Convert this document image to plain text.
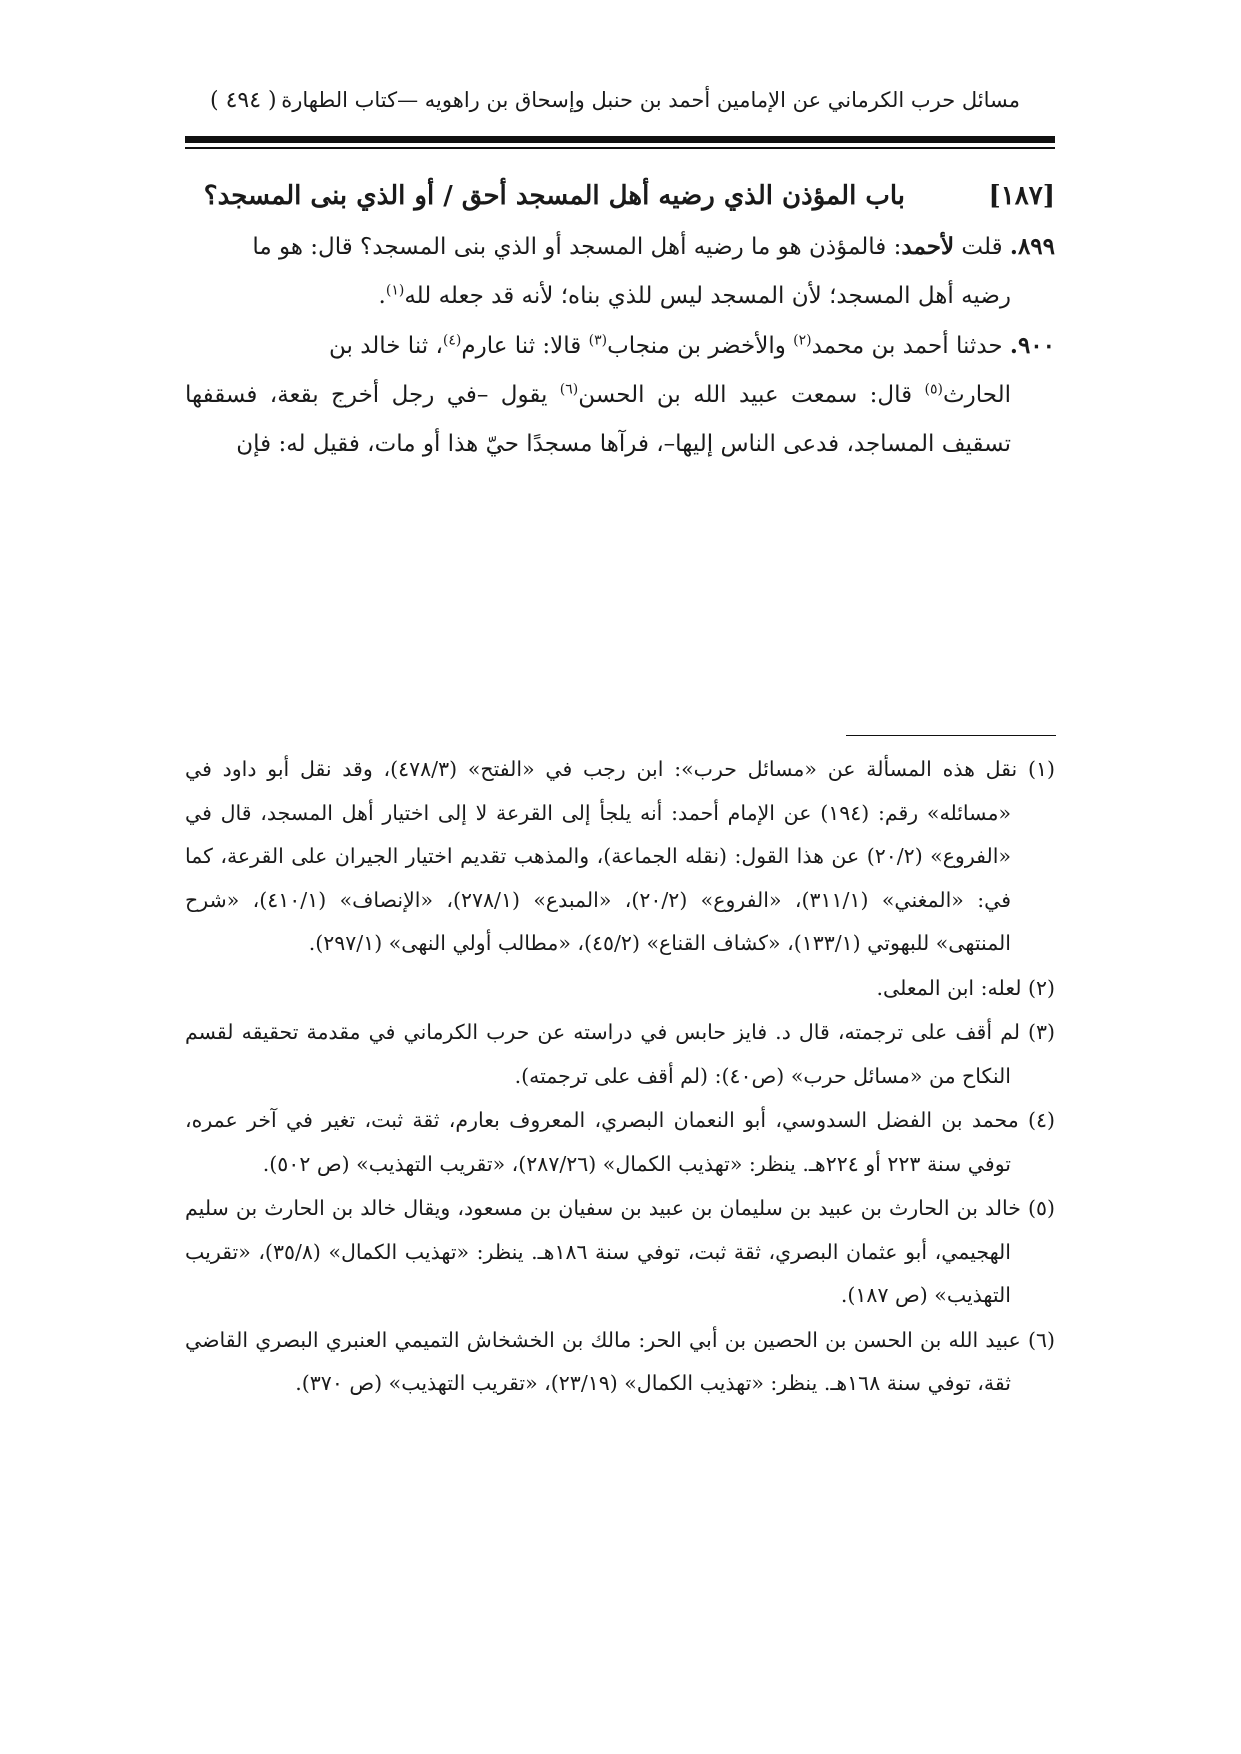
مسائل حرب الكرماني عن الإمامين أحمد بن حنبل وإسحاق بن راهويه —كتاب الطهارة
( ٤٩٤ )
[١٨٧]
باب المؤذن الذي رضيه أهل المسجد أحق / أو الذي بنى المسجد؟
٨٩٩. قلت لأحمد: فالمؤذن هو ما رضيه أهل المسجد أو الذي بنى المسجد؟ قال: هو ما
رضيه أهل المسجد؛ لأن المسجد ليس للذي بناه؛ لأنه قد جعله لله$^{(١)}$.
٩٠٠. حدثنا أحمد بن محمد$^{(٢)}$ والأخضر بن منجاب$^{(٣)}$ قالا: ثنا عارم$^{(٤)}$، ثنا خالد بن
الحارث$^{(٥)}$ قال: سمعت عبيد الله بن الحسن$^{(٦)}$ يقول –في رجل أخرج بقعة، فسقفها تسقيف المساجد، فدعى الناس إليها–، فرآها مسجدًا حيّ هذا أو مات، فقيل له: فإن

(١) نقل هذه المسألة عن «مسائل حرب»: ابن رجب في «الفتح» (٤٧٨/٣)، وقد نقل أبو داود في «مسائله» رقم: (١٩٤) عن الإمام أحمد: أنه يلجأ إلى القرعة لا إلى اختيار أهل المسجد، قال في «الفروع» (٢٠/٢) عن هذا القول: (نقله الجماعة)، والمذهب تقديم اختيار الجيران على القرعة، كما في: «المغني» (٣١١/١)، «الفروع» (٢٠/٢)، «المبدع» (٢٧٨/١)، «الإنصاف» (٤١٠/١)، «شرح المنتهى» للبهوتي (١٣٣/١)، «كشاف القناع» (٤٥/٢)، «مطالب أولي النهى» (٢٩٧/١).

(٢) لعله: ابن المعلى.

(٣) لم أقف على ترجمته، قال د. فايز حابس في دراسته عن حرب الكرماني في مقدمة تحقيقه لقسم النكاح من «مسائل حرب» (ص٤٠): (لم أقف على ترجمته).

(٤) محمد بن الفضل السدوسي، أبو النعمان البصري، المعروف بعارم، ثقة ثبت، تغير في آخر عمره، توفي سنة ٢٢٣ أو ٢٢٤هـ. ينظر: «تهذيب الكمال» (٢٨٧/٢٦)، «تقريب التهذيب» (ص ٥٠٢).

(٥) خالد بن الحارث بن عبيد بن سليمان بن عبيد بن سفيان بن مسعود، ويقال خالد بن الحارث بن سليم الهجيمي، أبو عثمان البصري، ثقة ثبت، توفي سنة ١٨٦هـ. ينظر: «تهذيب الكمال» (٣٥/٨)، «تقريب التهذيب» (ص ١٨٧).

(٦) عبيد الله بن الحسن بن الحصين بن أبي الحر: مالك بن الخشخاش التميمي العنبري البصري القاضي ثقة، توفي سنة ١٦٨هـ. ينظر: «تهذيب الكمال» (٢٣/١٩)، «تقريب التهذيب» (ص ٣٧٠).
